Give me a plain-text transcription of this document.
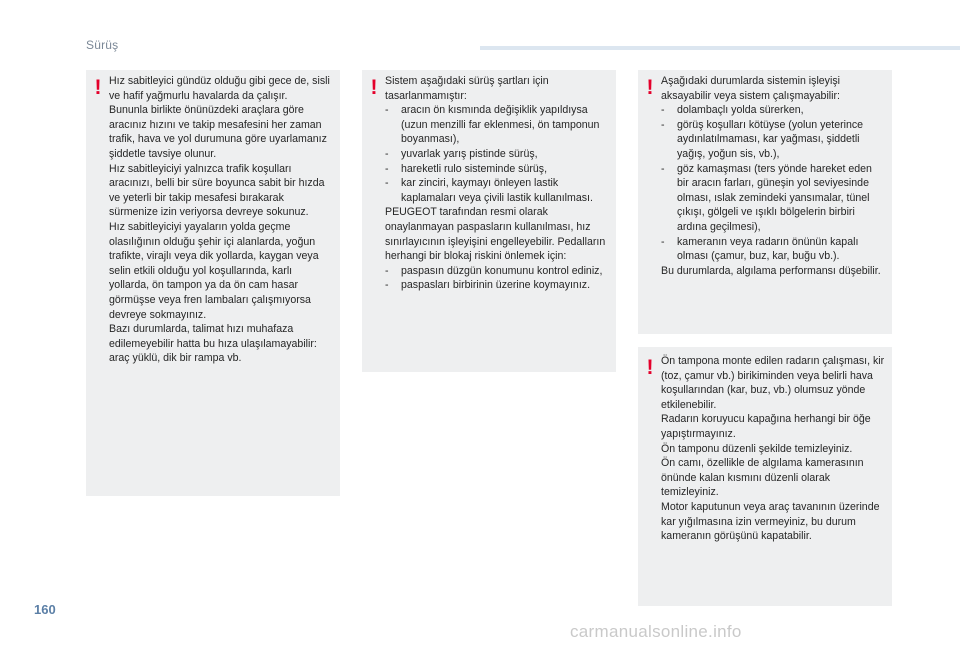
Sürüş
! Hız sabitleyici gündüz olduğu gibi gece de, sisli ve hafif yağmurlu havalarda da çalışır.

Bununla birlikte önünüzdeki araçlara göre aracınız hızını ve takip mesafesini her zaman trafik, hava ve yol durumuna göre uyarlamanız şiddetle tavsiye olunur.

Hız sabitleyiciyi yalnızca trafik koşulları aracınızı, belli bir süre boyunca sabit bir hızda ve yeterli bir takip mesafesi bırakarak sürmenize izin veriyorsa devreye sokunuz.

Hız sabitleyiciyi yayaların yolda geçme olasılığının olduğu şehir içi alanlarda, yoğun trafikte, virajlı veya dik yollarda, kaygan veya selin etkili olduğu yol koşullarında, karlı yollarda, ön tampon ya da ön cam hasar görmüşse veya fren lambaları çalışmıyorsa devreye sokmayınız.

Bazı durumlarda, talimat hızı muhafaza edilemeyebilir hatta bu hıza ulaşılamayabilir: araç yüklü, dik bir rampa vb.

! Sistem aşağıdaki sürüş şartları için tasarlanmamıştır:

- aracın ön kısmında değişiklik yapıldıysa (uzun menzilli far eklenmesi, ön tamponun boyanması),
- yuvarlak yarış pistinde sürüş,
- hareketli rulo sisteminde sürüş,
- kar zinciri, kaymayı önleyen lastik kaplamaları veya çivili lastik kullanılması.

PEUGEOT tarafından resmi olarak onaylanmayan paspasların kullanılması, hız sınırlayıcının işleyişini engelleyebilir. Pedalların herhangi bir blokaj riskini önlemek için:

- paspasın düzgün konumunu kontrol ediniz,
- paspasları birbirinin üzerine koymayınız.
! Aşağıdaki durumlarda sistemin işleyişi aksayabilir veya sistem çalışmayabilir:

- dolambaçlı yolda sürerken,
- görüş koşulları kötüyse (yolun yeterince aydınlatılmaması, kar yağması, şiddetli yağış, yoğun sis, vb.),
- göz kamaşması (ters yönde hareket eden bir aracın farları, güneşin yol seviyesinde olması, ıslak zemindeki yansımalar, tünel çıkışı, gölgeli ve ışıklı bölgelerin birbiri ardına geçilmesi),
- kameranın veya radarın önünün kapalı olması (çamur, buz, kar, buğu vb.).

Bu durumlarda, algılama performansı düşebilir.

! Ön tampona monte edilen radarın çalışması, kir (toz, çamur vb.) birikiminden veya belirli hava koşullarından (kar, buz, vb.) olumsuz yönde etkilenebilir.

Radarın koruyucu kapağına herhangi bir öğe yapıştırmayınız.

Ön tamponu düzenli şekilde temizleyiniz.

Ön camı, özellikle de algılama kamerasının önünde kalan kısmını düzenli olarak temizleyiniz.

Motor kaputunun veya araç tavanının üzerinde kar yığılmasına izin vermeyiniz, bu durum kameranın görüşünü kapatabilir.

160
carmanualsonline.info
